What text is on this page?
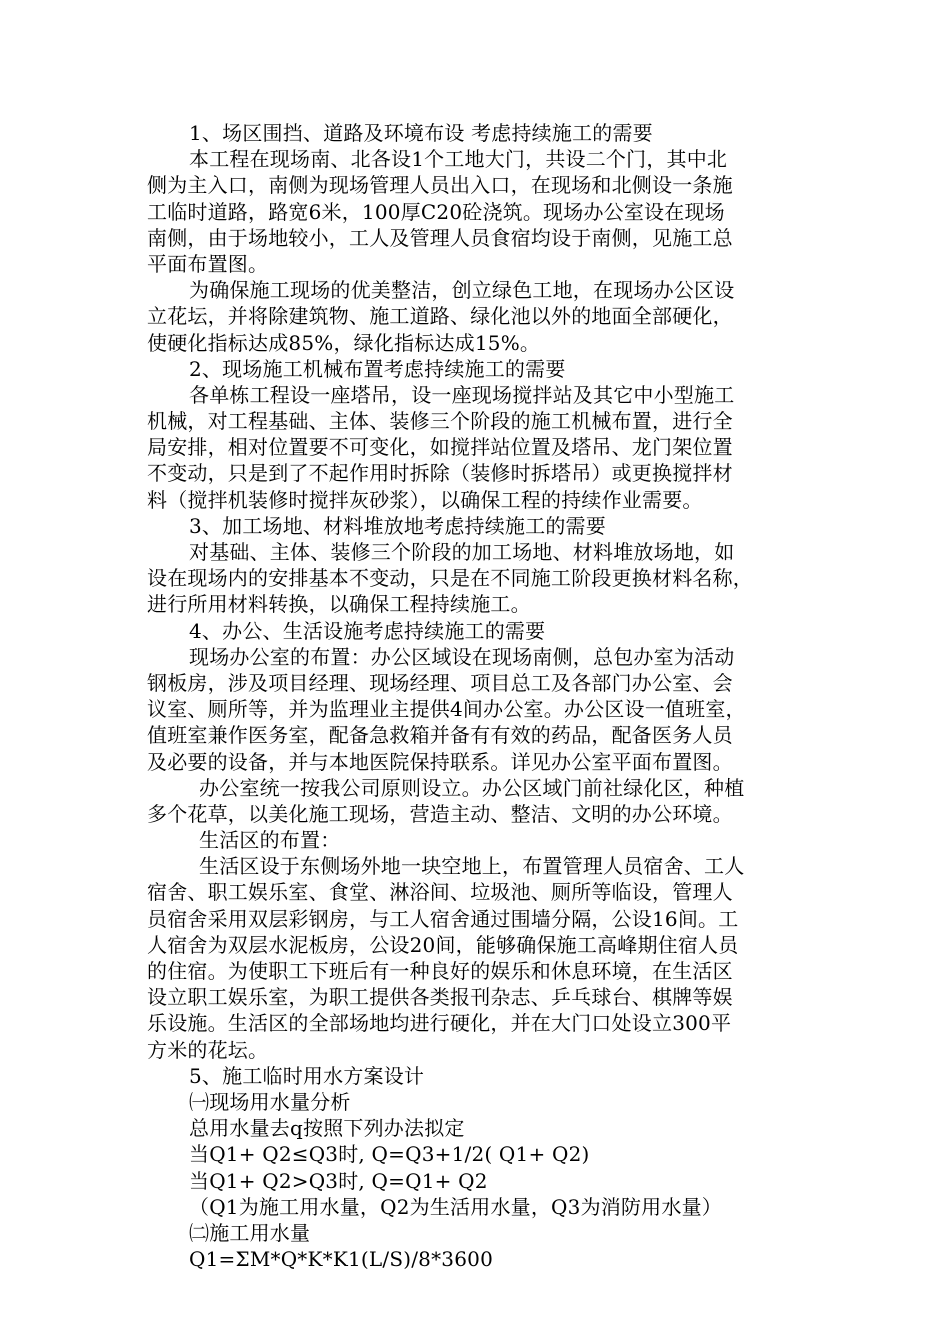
1、场区围挡、道路及环境布设 考虑持续施工的需要
本工程在现场南、北各设1个工地大门，共设二个门，其中北
侧为主入口，南侧为现场管理人员出入口，在现场和北侧设一条施
工临时道路，路宽6米，100厚C20砼浇筑。现场办公室设在现场
南侧，由于场地较小，工人及管理人员食宿均设于南侧，见施工总
平面布置图。
为确保施工现场的优美整洁，创立绿色工地，在现场办公区设
立花坛，并将除建筑物、施工道路、绿化池以外的地面全部硬化，
使硬化指标达成85%，绿化指标达成15%。
2、现场施工机械布置考虑持续施工的需要
各单栋工程设一座塔吊，设一座现场搅拌站及其它中小型施工
机械，对工程基础、主体、装修三个阶段的施工机械布置，进行全
局安排，相对位置要不可变化，如搅拌站位置及塔吊、龙门架位置
不变动，只是到了不起作用时拆除（装修时拆塔吊）或更换搅拌材
料（搅拌机装修时搅拌灰砂浆），以确保工程的持续作业需要。
3、加工场地、材料堆放地考虑持续施工的需要
对基础、主体、装修三个阶段的加工场地、材料堆放场地，如
设在现场内的安排基本不变动，只是在不同施工阶段更换材料名称，
进行所用材料转换，以确保工程持续施工。
4、办公、生活设施考虑持续施工的需要
现场办公室的布置：办公区域设在现场南侧，总包办室为活动
钢板房，涉及项目经理、现场经理、项目总工及各部门办公室、会
议室、厕所等，并为监理业主提供4间办公室。办公区设一值班室，
值班室兼作医务室，配备急救箱并备有有效的药品，配备医务人员
及必要的设备，并与本地医院保持联系。详见办公室平面布置图。
办公室统一按我公司原则设立。办公区域门前社绿化区，种植
多个花草，以美化施工现场，营造主动、整洁、文明的办公环境。
生活区的布置：
生活区设于东侧场外地一块空地上，布置管理人员宿舍、工人
宿舍、职工娱乐室、食堂、淋浴间、垃圾池、厕所等临设，管理人
员宿舍采用双层彩钢房，与工人宿舍通过围墙分隔，公设16间。工
人宿舍为双层水泥板房，公设20间，能够确保施工高峰期住宿人员
的住宿。为使职工下班后有一种良好的娱乐和休息环境，在生活区
设立职工娱乐室，为职工提供各类报刊杂志、乒乓球台、棋牌等娱
乐设施。生活区的全部场地均进行硬化，并在大门口处设立300平
方米的花坛。
5、施工临时用水方案设计
㈠现场用水量分析
总用水量去q按照下列办法拟定
当Q1+ Q2≤Q3时, Q=Q3+1/2( Q1+ Q2)
当Q1+ Q2>Q3时, Q=Q1+ Q2
（Q1为施工用水量，Q2为生活用水量，Q3为消防用水量）
㈡施工用水量
Q1=ΣM*Q*K*K1(L/S)/8*3600
